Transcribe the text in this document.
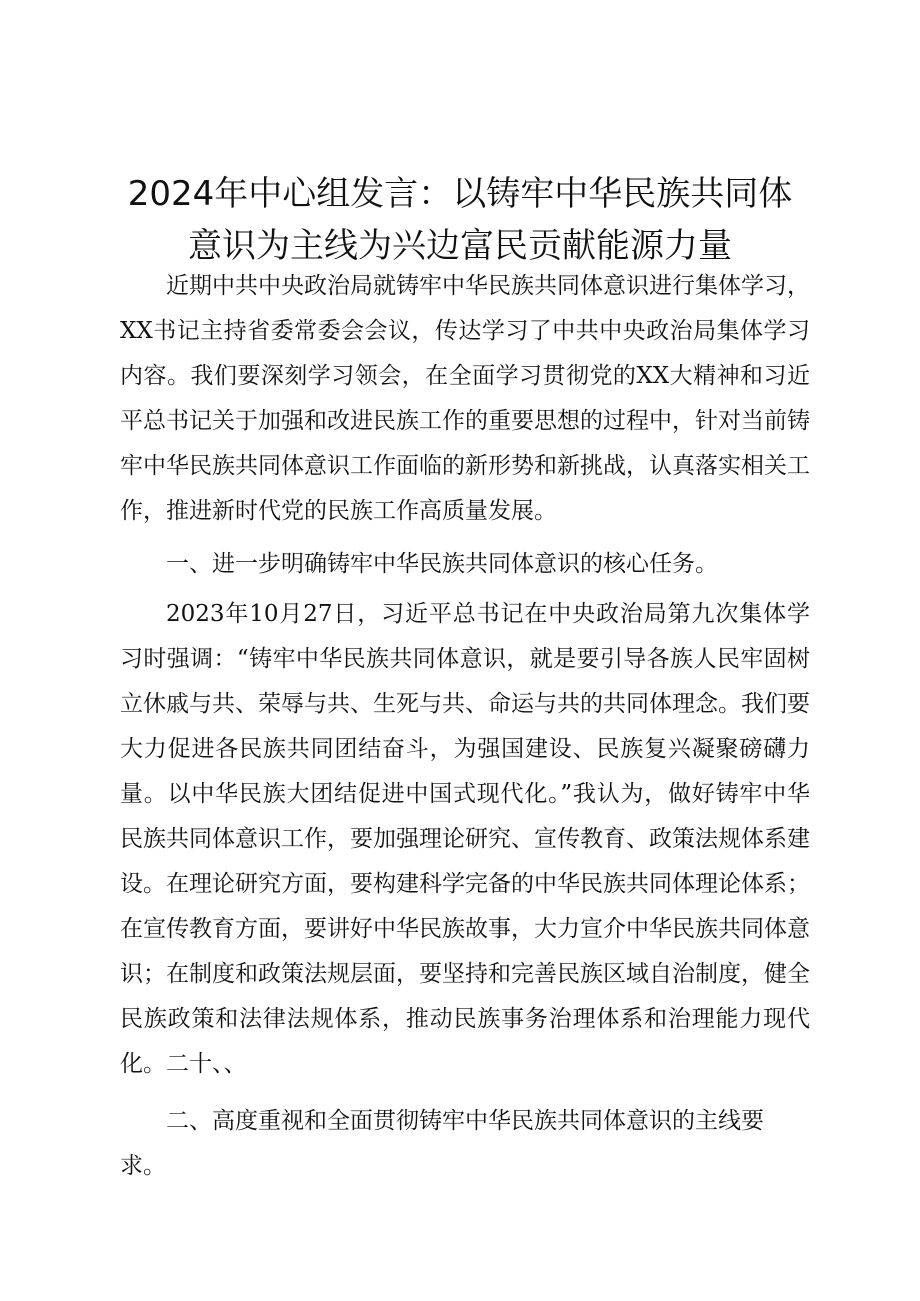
2024年中心组发言：以铸牢中华民族共同体
意识为主线为兴边富民贡献能源力量

近期中共中央政治局就铸牢中华民族共同体意识进行集体学习，XX书记主持省委常委会会议，传达学习了中共中央政治局集体学习内容。我们要深刻学习领会，在全面学习贯彻党的XX大精神和习近平总书记关于加强和改进民族工作的重要思想的过程中，针对当前铸牢中华民族共同体意识工作面临的新形势和新挑战，认真落实相关工作，推进新时代党的民族工作高质量发展。

一、进一步明确铸牢中华民族共同体意识的核心任务。

2023年10月27日，习近平总书记在中央政治局第九次集体学习时强调：“铸牢中华民族共同体意识，就是要引导各族人民牢固树立休戚与共、荣辱与共、生死与共、命运与共的共同体理念。我们要大力促进各民族共同团结奋斗，为强国建设、民族复兴凝聚磅礴力量。以中华民族大团结促进中国式现代化。”我认为，做好铸牢中华民族共同体意识工作，要加强理论研究、宣传教育、政策法规体系建设。在理论研究方面，要构建科学完备的中华民族共同体理论体系；在宣传教育方面，要讲好中华民族故事，大力宣介中华民族共同体意识；在制度和政策法规层面，要坚持和完善民族区域自治制度，健全民族政策和法律法规体系，推动民族事务治理体系和治理能力现代化。二十、、

二、高度重视和全面贯彻铸牢中华民族共同体意识的主线要求。
